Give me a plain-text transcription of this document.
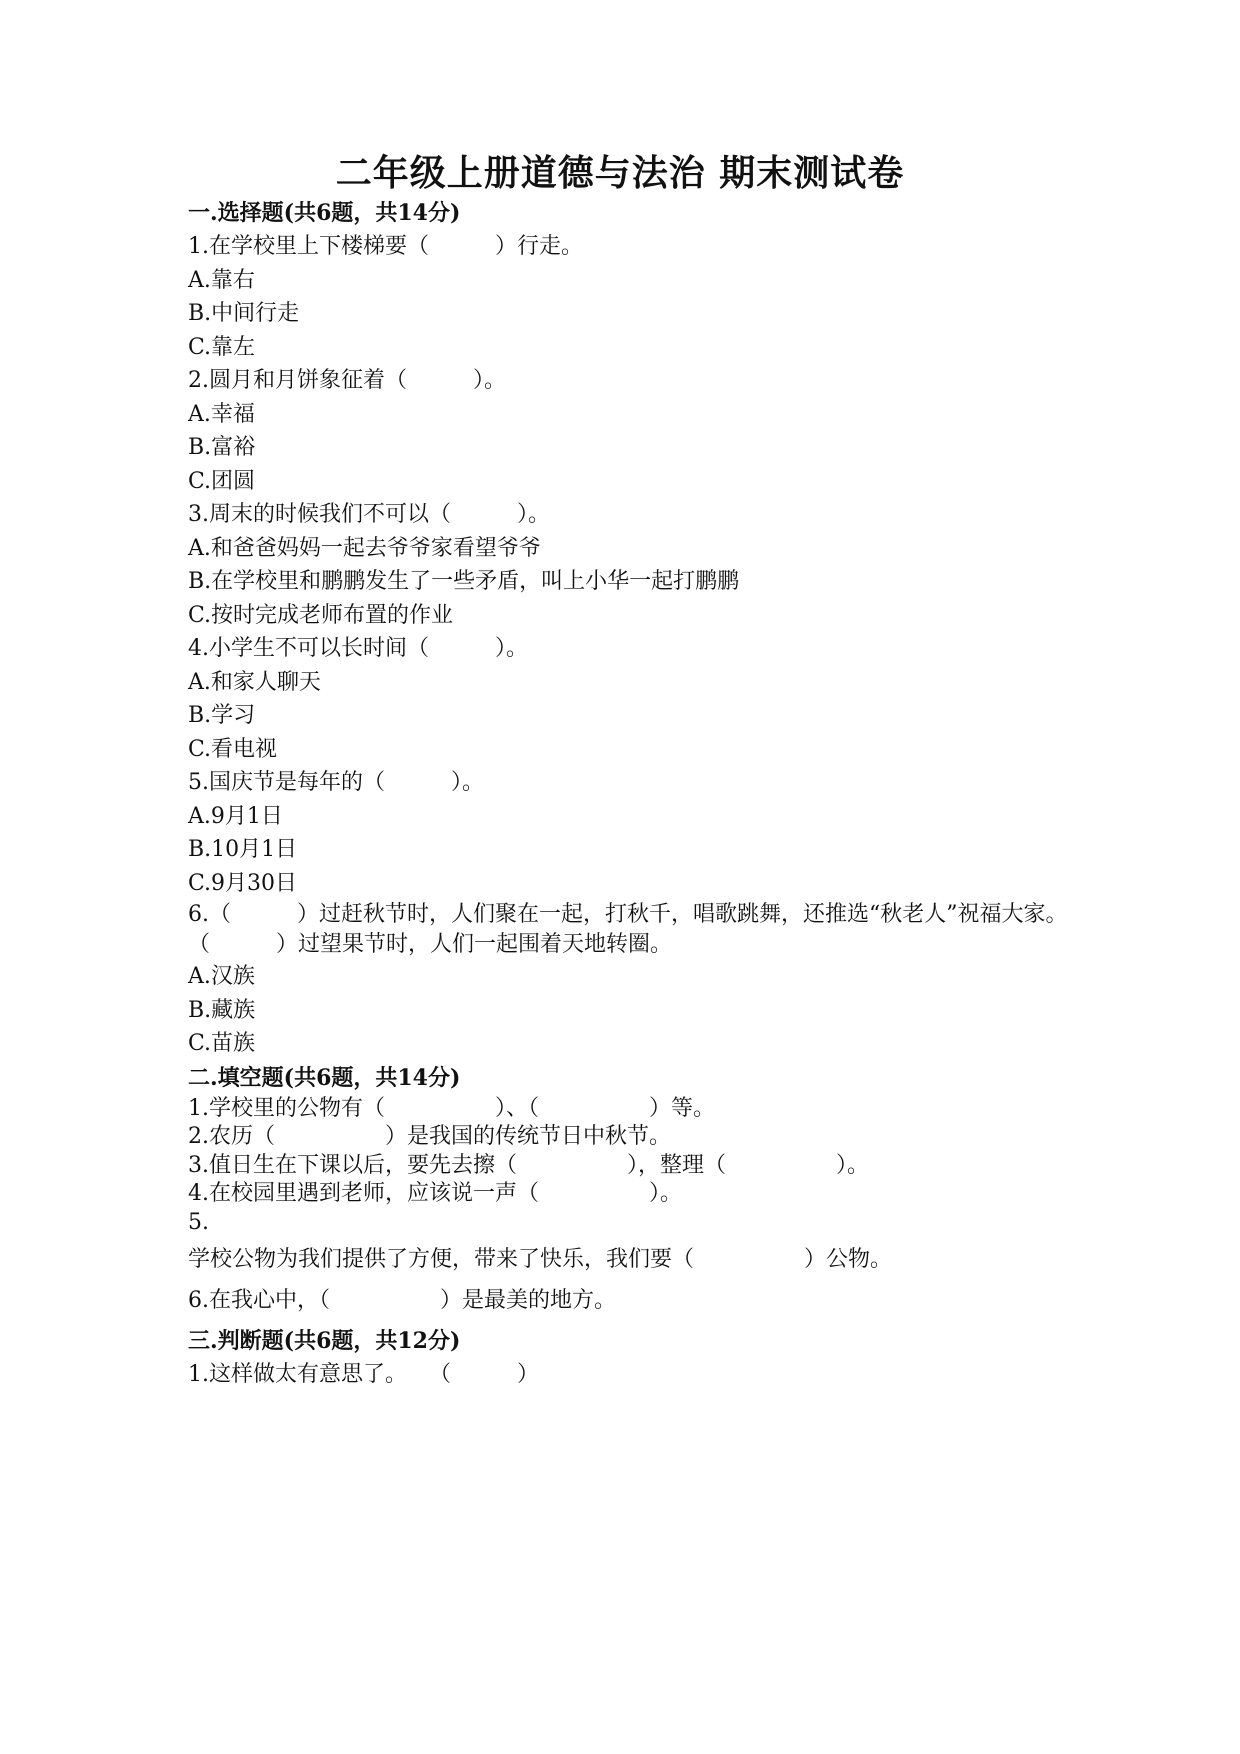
二年级上册道德与法治 期末测试卷
一.选择题(共6题，共14分)
1.在学校里上下楼梯要（　　　）行走。
A.靠右
B.中间行走
C.靠左
2.圆月和月饼象征着（　　　）。
A.幸福
B.富裕
C.团圆
3.周末的时候我们不可以（　　　）。
A.和爸爸妈妈一起去爷爷家看望爷爷
B.在学校里和鹏鹏发生了一些矛盾，叫上小华一起打鹏鹏
C.按时完成老师布置的作业
4.小学生不可以长时间（　　　）。
A.和家人聊天
B.学习
C.看电视
5.国庆节是每年的（　　　）。
A.9月1日
B.10月1日
C.9月30日
6.（　　　）过赶秋节时，人们聚在一起，打秋千，唱歌跳舞，还推选“秋老人”祝福大家。（　　　）过望果节时，人们一起围着天地转圈。
A.汉族
B.藏族
C.苗族
二.填空题(共6题，共14分)
1.学校里的公物有（　　　　　）、（　　　　　）等。
2.农历（　　　　　）是我国的传统节日中秋节。
3.值日生在下课以后，要先去擦（　　　　　），整理（　　　　　）。
4.在校园里遇到老师，应该说一声（　　　　　）。
5.
学校公物为我们提供了方便，带来了快乐，我们要（　　　　　）公物。
6.在我心中，（　　　　　）是最美的地方。
三.判断题(共6题，共12分)
1.这样做太有意思了。　　（　　　）
